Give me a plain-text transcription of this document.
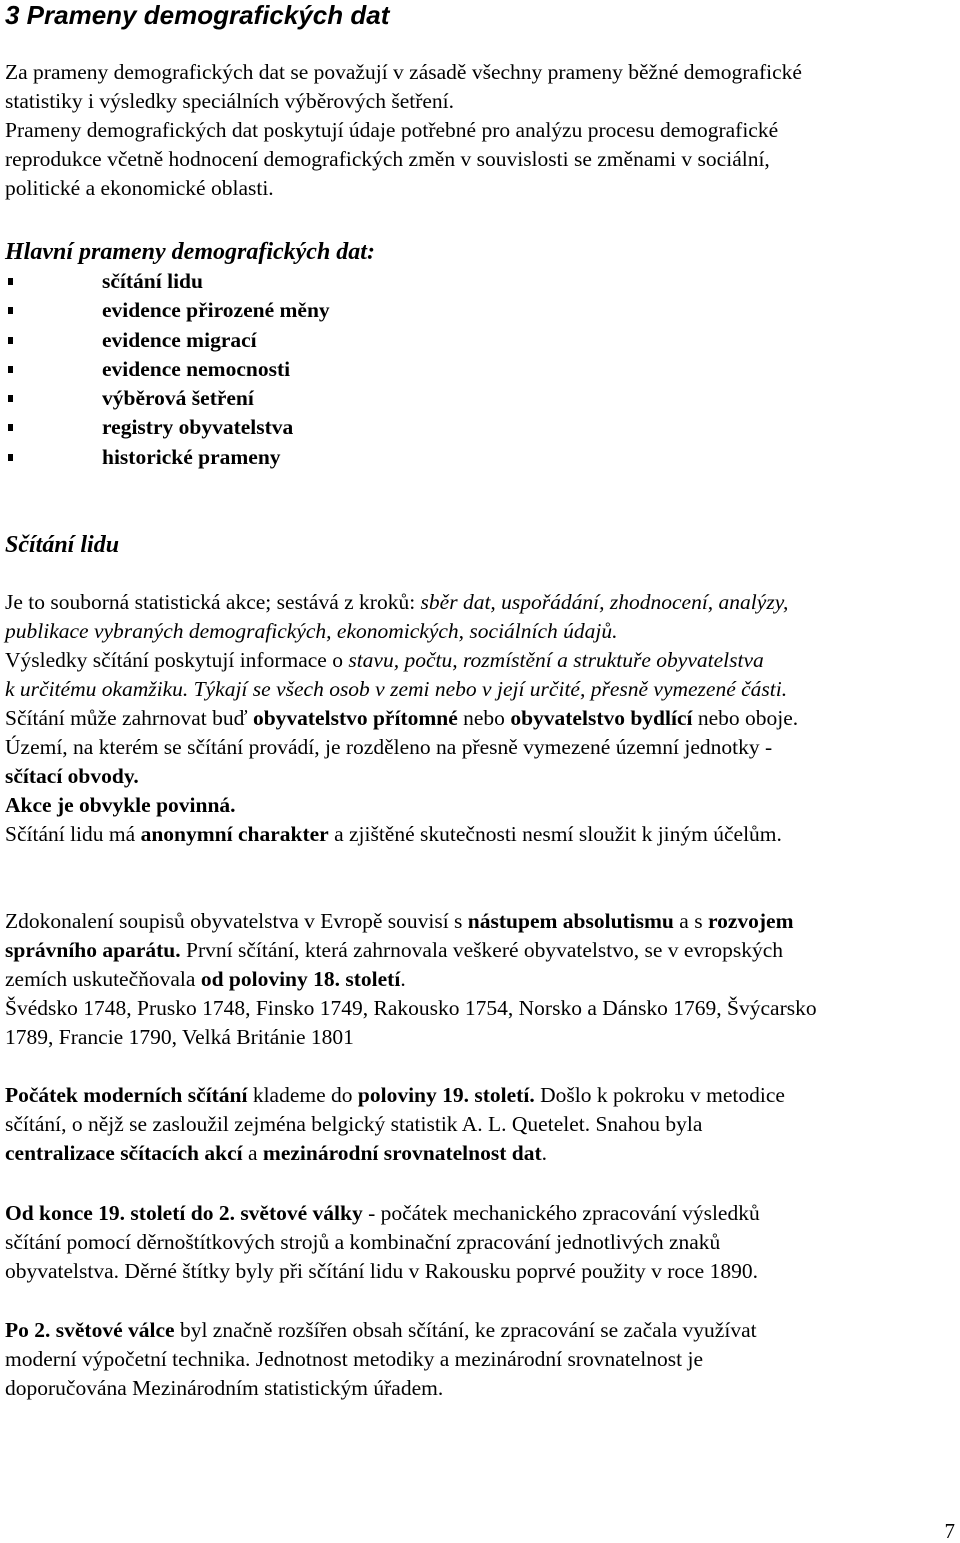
3 Prameny demografických dat

Za prameny demografických dat se považují v zásadě všechny prameny běžné demografické

statistiky i výsledky speciálních výběrových šetření.

Prameny demografických dat poskytují údaje potřebné pro analýzu procesu demografické

reprodukce včetně hodnocení demografických změn v souvislosti se změnami v sociální,

politické a ekonomické oblasti.

Hlavní prameny demografických dat:

sčítání lidu
evidence přirozené měny
evidence migrací
evidence nemocnosti
výběrová šetření
registry obyvatelstva
historické prameny

Sčítání lidu

Je to souborná statistická akce; sestává z kroků: sběr dat, uspořádání, zhodnocení, analýzy,

publikace vybraných demografických, ekonomických, sociálních údajů.

Výsledky sčítání poskytují informace o stavu, počtu, rozmístění a struktuře obyvatelstva

k určitému okamžiku. Týkají se všech osob v zemi nebo v její určité, přesně vymezené části.

Sčítání může zahrnovat buď obyvatelstvo přítomné nebo obyvatelstvo bydlící nebo oboje.

Území, na kterém se sčítání provádí, je rozděleno na přesně vymezené územní jednotky -

sčítací obvody.

Akce je obvykle povinná.

Sčítání lidu má anonymní charakter a zjištěné skutečnosti nesmí sloužit k jiným účelům.

Zdokonalení soupisů obyvatelstva v Evropě souvisí s nástupem absolutismu a s rozvojem

správního aparátu. První sčítání, která zahrnovala veškeré obyvatelstvo, se v evropských

zemích uskutečňovala od poloviny 18. století.

Švédsko 1748, Prusko 1748, Finsko 1749, Rakousko 1754, Norsko a Dánsko 1769, Švýcarsko

1789, Francie 1790, Velká Británie 1801

Počátek moderních sčítání klademe do poloviny 19. století. Došlo k pokroku v metodice

sčítání, o nějž se zasloužil zejména belgický statistik A. L. Quetelet. Snahou byla

centralizace sčítacích akcí a mezinárodní srovnatelnost dat.

Od konce 19. století do 2. světové války - počátek mechanického zpracování výsledků

sčítání pomocí děrnoštítkových strojů a kombinační zpracování jednotlivých znaků

obyvatelstva. Děrné štítky byly při sčítání lidu v Rakousku poprvé použity v roce 1890.

Po 2. světové válce byl značně rozšířen obsah sčítání, ke zpracování se začala využívat

moderní výpočetní technika. Jednotnost metodiky a mezinárodní srovnatelnost je

doporučována Mezinárodním statistickým úřadem.

7
